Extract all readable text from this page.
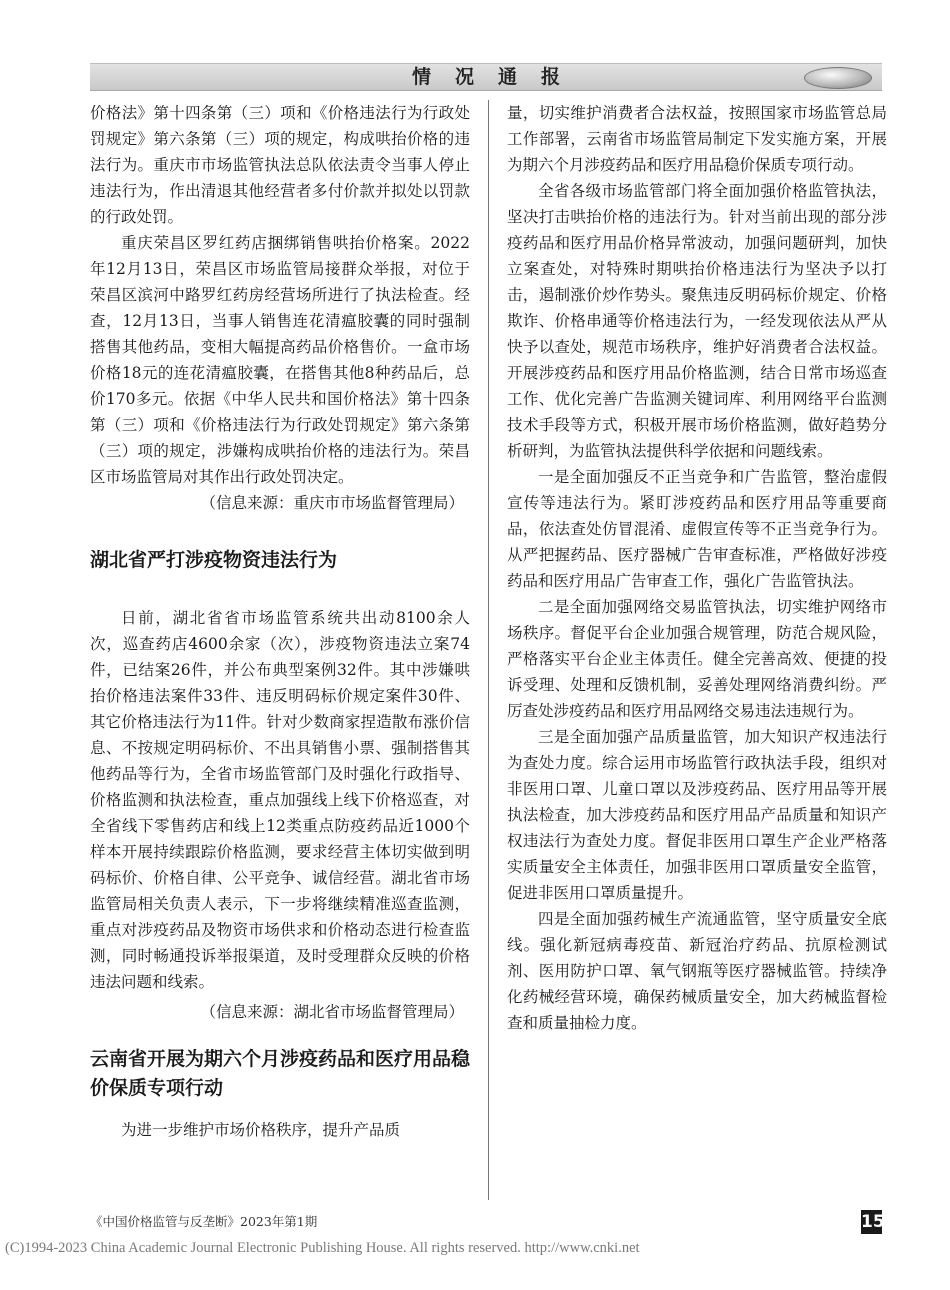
情况通报

价格法》第十四条第（三）项和《价格违法行为行政处罚规定》第六条第（三）项的规定，构成哄抬价格的违法行为。重庆市市场监管执法总队依法责令当事人停止违法行为，作出清退其他经营者多付价款并拟处以罚款的行政处罚。

重庆荣昌区罗红药店捆绑销售哄抬价格案。2022年12月13日，荣昌区市场监管局接群众举报，对位于荣昌区滨河中路罗红药房经营场所进行了执法检查。经查，12月13日，当事人销售连花清瘟胶囊的同时强制搭售其他药品，变相大幅提高药品价格售价。一盒市场价格18元的连花清瘟胶囊，在搭售其他8种药品后，总价170多元。依据《中华人民共和国价格法》第十四条第（三）项和《价格违法行为行政处罚规定》第六条第（三）项的规定，涉嫌构成哄抬价格的违法行为。荣昌区市场监管局对其作出行政处罚决定。

（信息来源：重庆市市场监督管理局）

湖北省严打涉疫物资违法行为

日前，湖北省省市场监管系统共出动8100余人次，巡查药店4600余家（次），涉疫物资违法立案74件，已结案26件，并公布典型案例32件。其中涉嫌哄抬价格违法案件33件、违反明码标价规定案件30件、其它价格违法行为11件。针对少数商家捏造散布涨价信息、不按规定明码标价、不出具销售小票、强制搭售其他药品等行为，全省市场监管部门及时强化行政指导、价格监测和执法检查，重点加强线上线下价格巡查，对全省线下零售药店和线上12类重点防疫药品近1000个样本开展持续跟踪价格监测，要求经营主体切实做到明码标价、价格自律、公平竞争、诚信经营。湖北省市场监管局相关负责人表示，下一步将继续精准巡查监测，重点对涉疫药品及物资市场供求和价格动态进行检查监测，同时畅通投诉举报渠道，及时受理群众反映的价格违法问题和线索。

（信息来源：湖北省市场监督管理局）

云南省开展为期六个月涉疫药品和医疗用品稳价保质专项行动

为进一步维护市场价格秩序，提升产品质

量，切实维护消费者合法权益，按照国家市场监管总局工作部署，云南省市场监管局制定下发实施方案，开展为期六个月涉疫药品和医疗用品稳价保质专项行动。

全省各级市场监管部门将全面加强价格监管执法，坚决打击哄抬价格的违法行为。针对当前出现的部分涉疫药品和医疗用品价格异常波动，加强问题研判，加快立案查处，对特殊时期哄抬价格违法行为坚决予以打击，遏制涨价炒作势头。聚焦违反明码标价规定、价格欺诈、价格串通等价格违法行为，一经发现依法从严从快予以查处，规范市场秩序，维护好消费者合法权益。开展涉疫药品和医疗用品价格监测，结合日常市场巡查工作、优化完善广告监测关键词库、利用网络平台监测技术手段等方式，积极开展市场价格监测，做好趋势分析研判，为监管执法提供科学依据和问题线索。

一是全面加强反不正当竞争和广告监管，整治虚假宣传等违法行为。紧盯涉疫药品和医疗用品等重要商品，依法查处仿冒混淆、虚假宣传等不正当竞争行为。从严把握药品、医疗器械广告审查标准，严格做好涉疫药品和医疗用品广告审查工作，强化广告监管执法。

二是全面加强网络交易监管执法，切实维护网络市场秩序。督促平台企业加强合规管理，防范合规风险，严格落实平台企业主体责任。健全完善高效、便捷的投诉受理、处理和反馈机制，妥善处理网络消费纠纷。严厉查处涉疫药品和医疗用品网络交易违法违规行为。

三是全面加强产品质量监管，加大知识产权违法行为查处力度。综合运用市场监管行政执法手段，组织对非医用口罩、儿童口罩以及涉疫药品、医疗用品等开展执法检查，加大涉疫药品和医疗用品产品质量和知识产权违法行为查处力度。督促非医用口罩生产企业严格落实质量安全主体责任，加强非医用口罩质量安全监管，促进非医用口罩质量提升。

四是全面加强药械生产流通监管，坚守质量安全底线。强化新冠病毒疫苗、新冠治疗药品、抗原检测试剂、医用防护口罩、氧气钢瓶等医疗器械监管。持续净化药械经营环境，确保药械质量安全，加大药械监督检查和质量抽检力度。

《中国价格监管与反垄断》2023年第1期	15
(C)1994-2023 China Academic Journal Electronic Publishing House. All rights reserved. http://www.cnki.net
